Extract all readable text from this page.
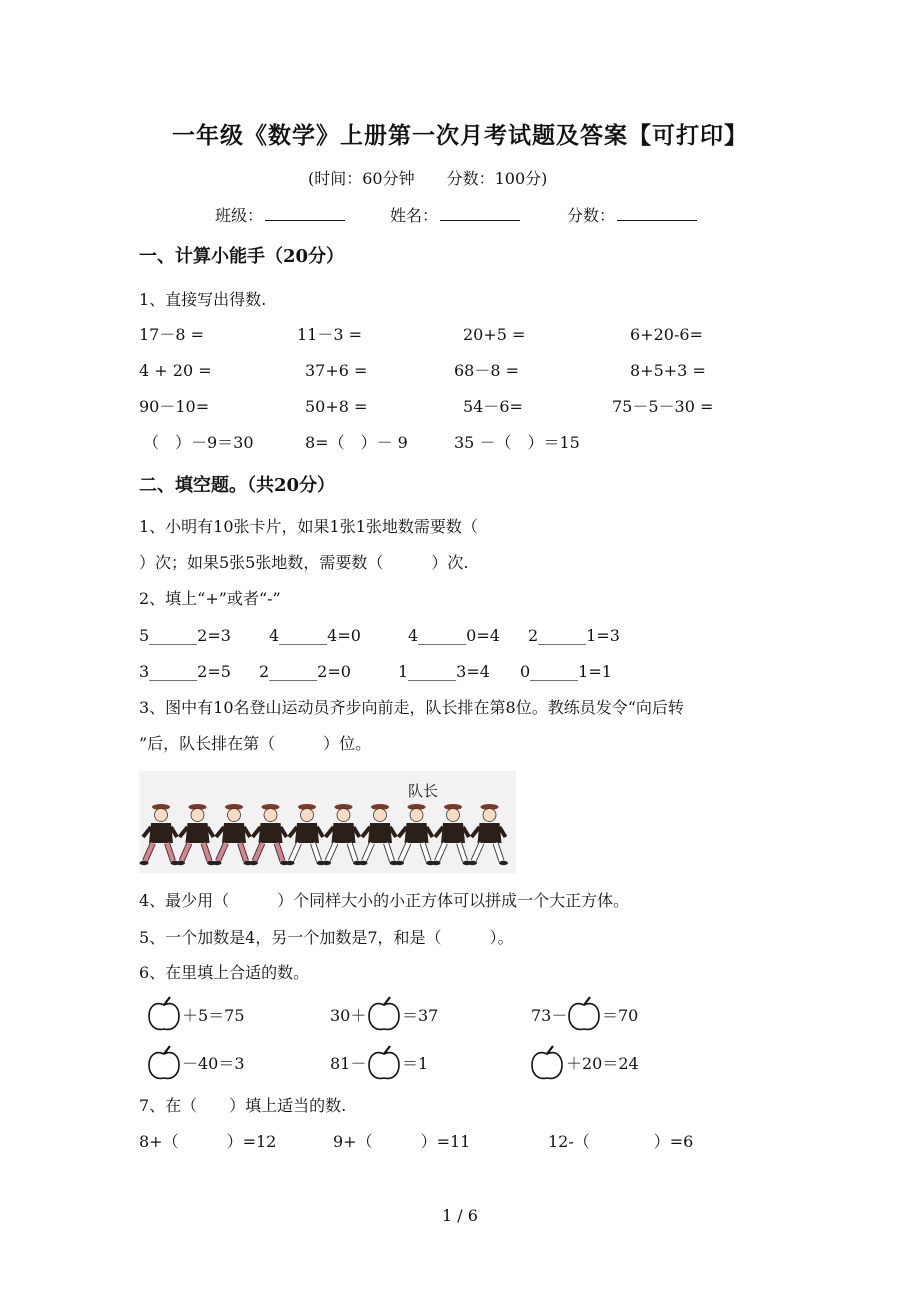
一年级《数学》上册第一次月考试题及答案【可打印】
(时间：60分钟　　分数：100分)
班级：	姓名：	分数：
一、计算小能手（20分）
1、直接写出得数.
17－8 =	11－3 =	20+5 =	6+20-6=
4 + 20 =	37+6 =	68－8 =	8+5+3 =
90－10=	50+8 =	54－6=	75－5－30 =
（　）－9＝30	8=（　）－ 9	35 －（　）＝15
二、填空题。（共20分）
1、小明有10张卡片，如果1张1张地数需要数（
）次；如果5张5张地数，需要数（　　　）次.
2、填上“+”或者“-”
5______2=3 4______4=0	4______0=4 2______1=3
3______2=5 2______2=0	1______3=4 0______1=1
3、图中有10名登山运动员齐步向前走，队长排在第8位。教练员发令“向后转
”后，队长排在第（　　　）位。
队长
4、最少用（　　　）个同样大小的小正方体可以拼成一个大正方体。
5、一个加数是4，另一个加数是7，和是（　　　）。
6、在里填上合适的数。
＋5＝75	30＋ ＝37	73－ ＝70
－40＝3	81－ ＝1	＋20＝24
7、在（　　）填上适当的数.
8+（　　　）=12	9+（　　　）=11	12-（　　　　）=6
1 / 6
